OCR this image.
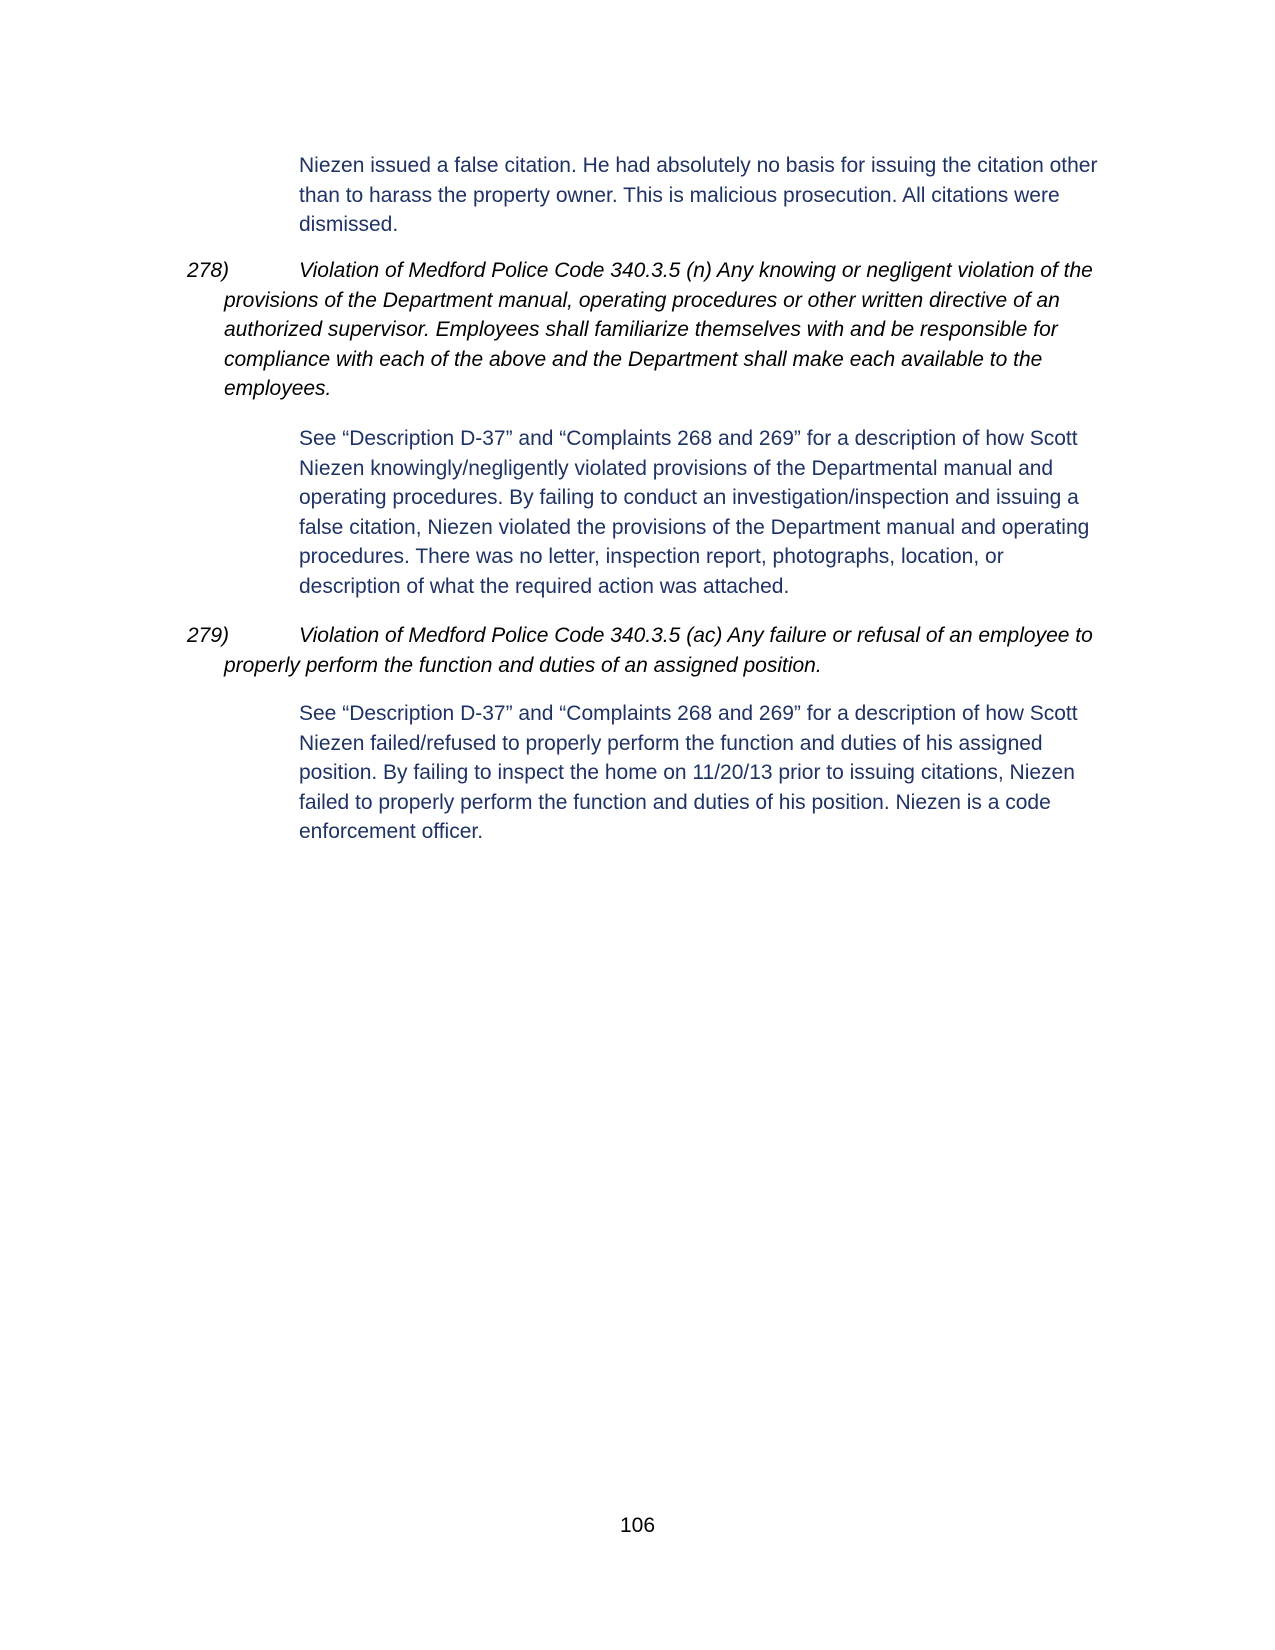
Niezen issued a false citation. He had absolutely no basis for issuing the citation other
than to harass the property owner. This is malicious prosecution. All citations were
dismissed.

278)	Violation of Medford Police Code 340.3.5 (n) Any knowing or negligent violation of the
provisions of the Department manual, operating procedures or other written directive of an
authorized supervisor. Employees shall familiarize themselves with and be responsible for
compliance with each of the above and the Department shall make each available to the
employees.

See “Description D-37” and “Complaints 268 and 269” for a description of how Scott
Niezen knowingly/negligently violated provisions of the Departmental manual and
operating procedures. By failing to conduct an investigation/inspection and issuing a
false citation, Niezen violated the provisions of the Department manual and operating
procedures. There was no letter, inspection report, photographs, location, or
description of what the required action was attached.

279)	Violation of Medford Police Code 340.3.5 (ac) Any failure or refusal of an employee to
properly perform the function and duties of an assigned position.

See “Description D-37” and “Complaints 268 and 269” for a description of how Scott
Niezen failed/refused to properly perform the function and duties of his assigned
position. By failing to inspect the home on 11/20/13 prior to issuing citations, Niezen
failed to properly perform the function and duties of his position. Niezen is a code
enforcement officer.

106
